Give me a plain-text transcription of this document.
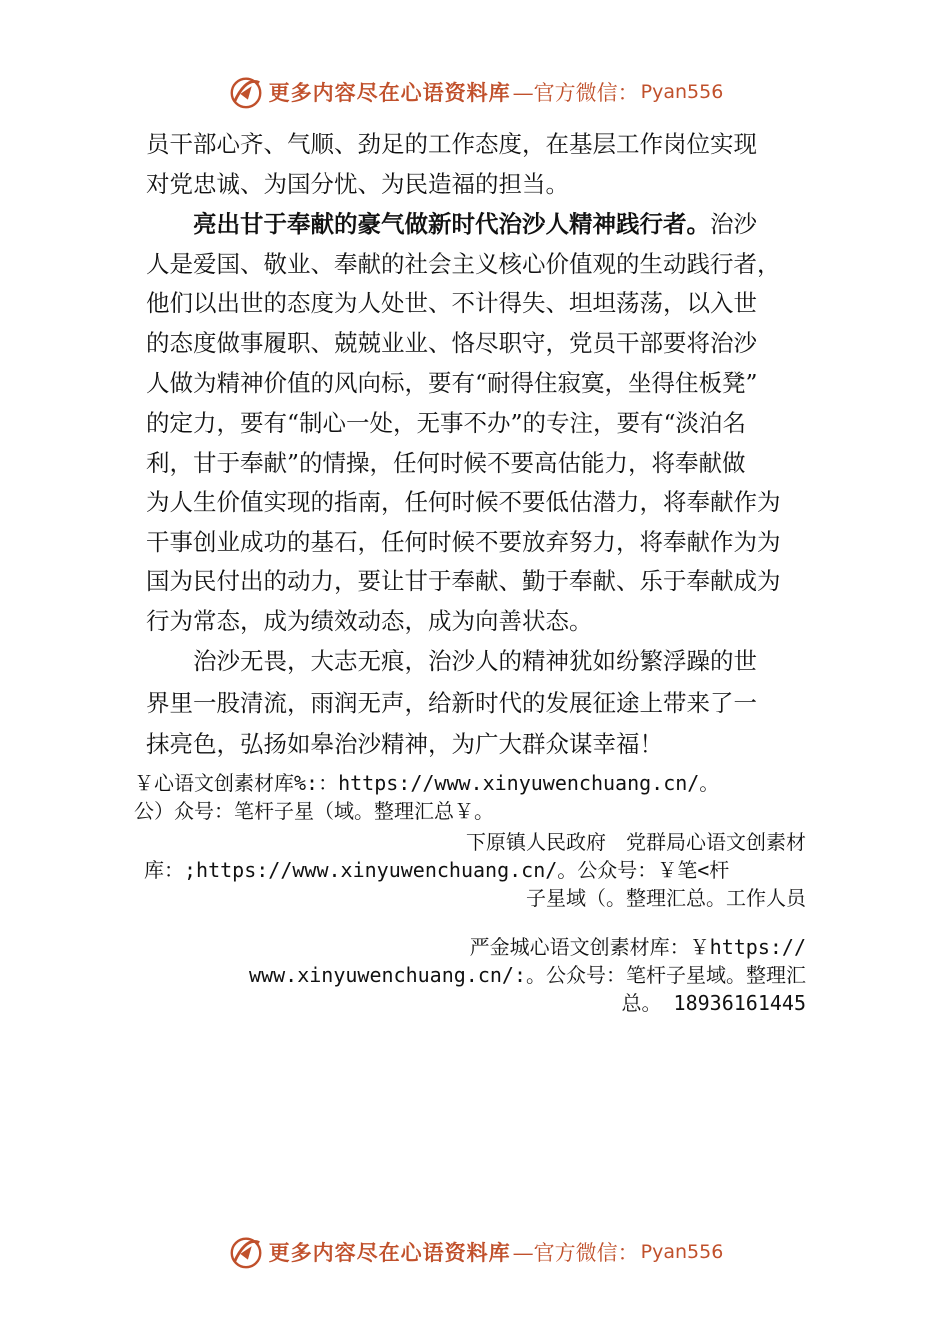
更多内容尽在心语资料库 —官方微信： Pyan556
员干部心齐、气顺、劲足的工作态度，在基层工作岗位实现
对党忠诚、为国分忧、为民造福的担当。
　　亮出甘于奉献的豪气做新时代治沙人精神践行者。治沙
人是爱国、敬业、奉献的社会主义核心价值观的生动践行者，
他们以出世的态度为人处世、不计得失、坦坦荡荡，以入世
的态度做事履职、兢兢业业、恪尽职守，党员干部要将治沙
人做为精神价值的风向标，要有“耐得住寂寞，坐得住板凳”
的定力，要有“制心一处，无事不办”的专注，要有“淡泊名
利，甘于奉献”的情操，任何时候不要高估能力，将奉献做
为人生价值实现的指南，任何时候不要低估潜力，将奉献作为
干事创业成功的基石，任何时候不要放弃努力，将奉献作为为
国为民付出的动力，要让甘于奉献、勤于奉献、乐于奉献成为
行为常态，成为绩效动态，成为向善状态。
　　治沙无畏，大志无痕，治沙人的精神犹如纷繁浮躁的世
界里一股清流，雨润无声，给新时代的发展征途上带来了一
抹亮色，弘扬如皋治沙精神，为广大群众谋幸福！
￥心语文创素材库%:：https://www.xinyuwenchuang.cn/。
公）众号：笔杆子星（域。整理汇总￥。
下原镇人民政府　党群局心语文创素材
库：;https://www.xinyuwenchuang.cn/。公众号：￥笔<杆
子星域（。整理汇总。工作人员
严金城心语文创素材库：￥https://
www.xinyuwenchuang.cn/:。公众号：笔杆子星域。整理汇
总。 18936161445
更多内容尽在心语资料库 —官方微信： Pyan556
